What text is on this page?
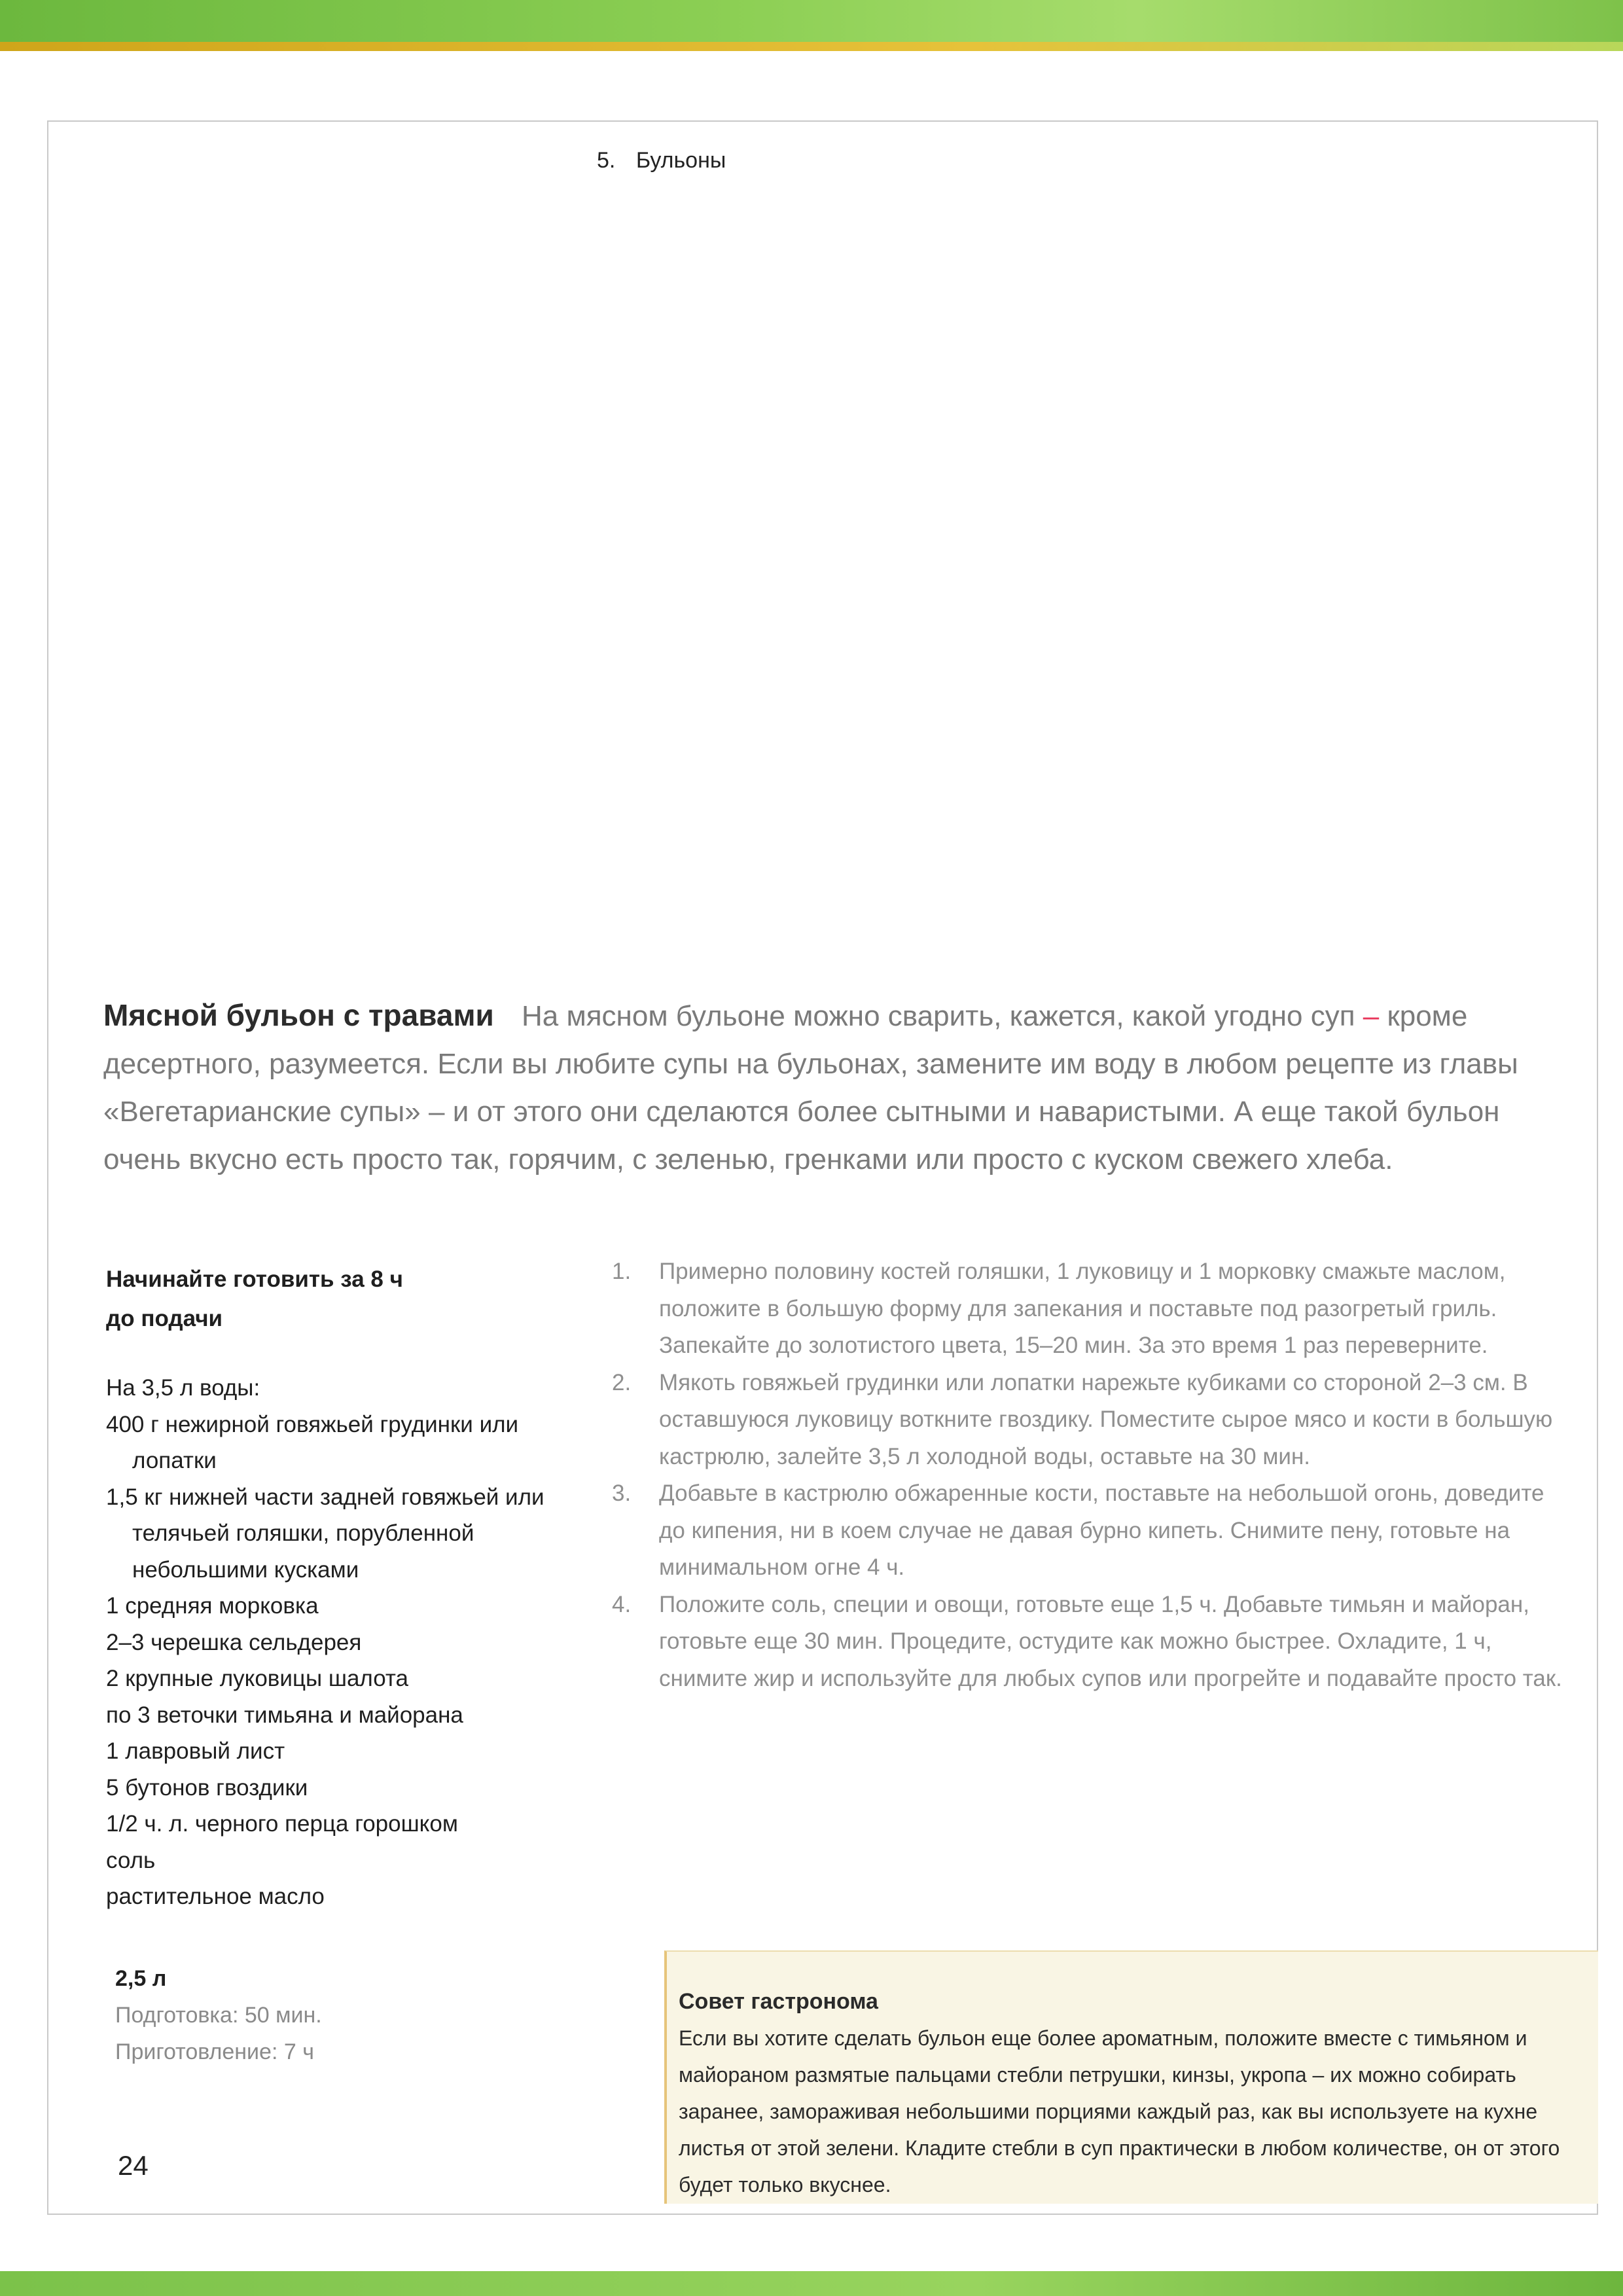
5. Бульоны

Мясной бульон с травами На мясном бульоне можно сварить, кажется, какой угодно суп – кроме десертного, разумеется. Если вы любите супы на бульонах, замените им воду в любом рецепте из главы «Вегетарианские супы» – и от этого они сделаются более сытными и наваристыми. А еще такой бульон очень вкусно есть просто так, горячим, с зеленью, гренками или просто с куском свежего хлеба.

Начинайте готовить за 8 ч
до подачи

На 3,5 л воды:
400 г нежирной говяжьей грудинки или лопатки
1,5 кг нижней части задней говяжьей или телячьей голяшки, порубленной небольшими кусками
1 средняя морковка
2–3 черешка сельдерея
2 крупные луковицы шалота
по 3 веточки тимьяна и майорана
1 лавровый лист
5 бутонов гвоздики
1/2 ч. л. черного перца горошком
соль
растительное масло
2,5 л
Подготовка: 50 мин.
Приготовление: 7 ч
24
1. Примерно половину костей голяшки, 1 луковицу и 1 морковку смажьте маслом, положите в большую форму для запекания и поставьте под разогретый гриль. Запекайте до золотистого цвета, 15–20 мин. За это время 1 раз переверните.
2. Мякоть говяжьей грудинки или лопатки нарежьте кубиками со стороной 2–3 см. В оставшуюся луковицу воткните гвоздику. Поместите сырое мясо и кости в большую кастрюлю, залейте 3,5 л холодной воды, оставьте на 30 мин.
3. Добавьте в кастрюлю обжаренные кости, поставьте на небольшой огонь, доведите до кипения, ни в коем случае не давая бурно кипеть. Снимите пену, готовьте на минимальном огне 4 ч.
4. Положите соль, специи и овощи, готовьте еще 1,5 ч. Добавьте тимьян и майоран, готовьте еще 30 мин. Процедите, остудите как можно быстрее. Охладите, 1 ч, снимите жир и используйте для любых супов или прогрейте и подавайте просто так.
Совет гастронома
Если вы хотите сделать бульон еще более ароматным, положите вместе с тимьяном и майораном размятые пальцами стебли петрушки, кинзы, укропа – их можно собирать заранее, замораживая небольшими порциями каждый раз, как вы используете на кухне листья от этой зелени. Кладите стебли в суп практически в любом количестве, он от этого будет только вкуснее.
